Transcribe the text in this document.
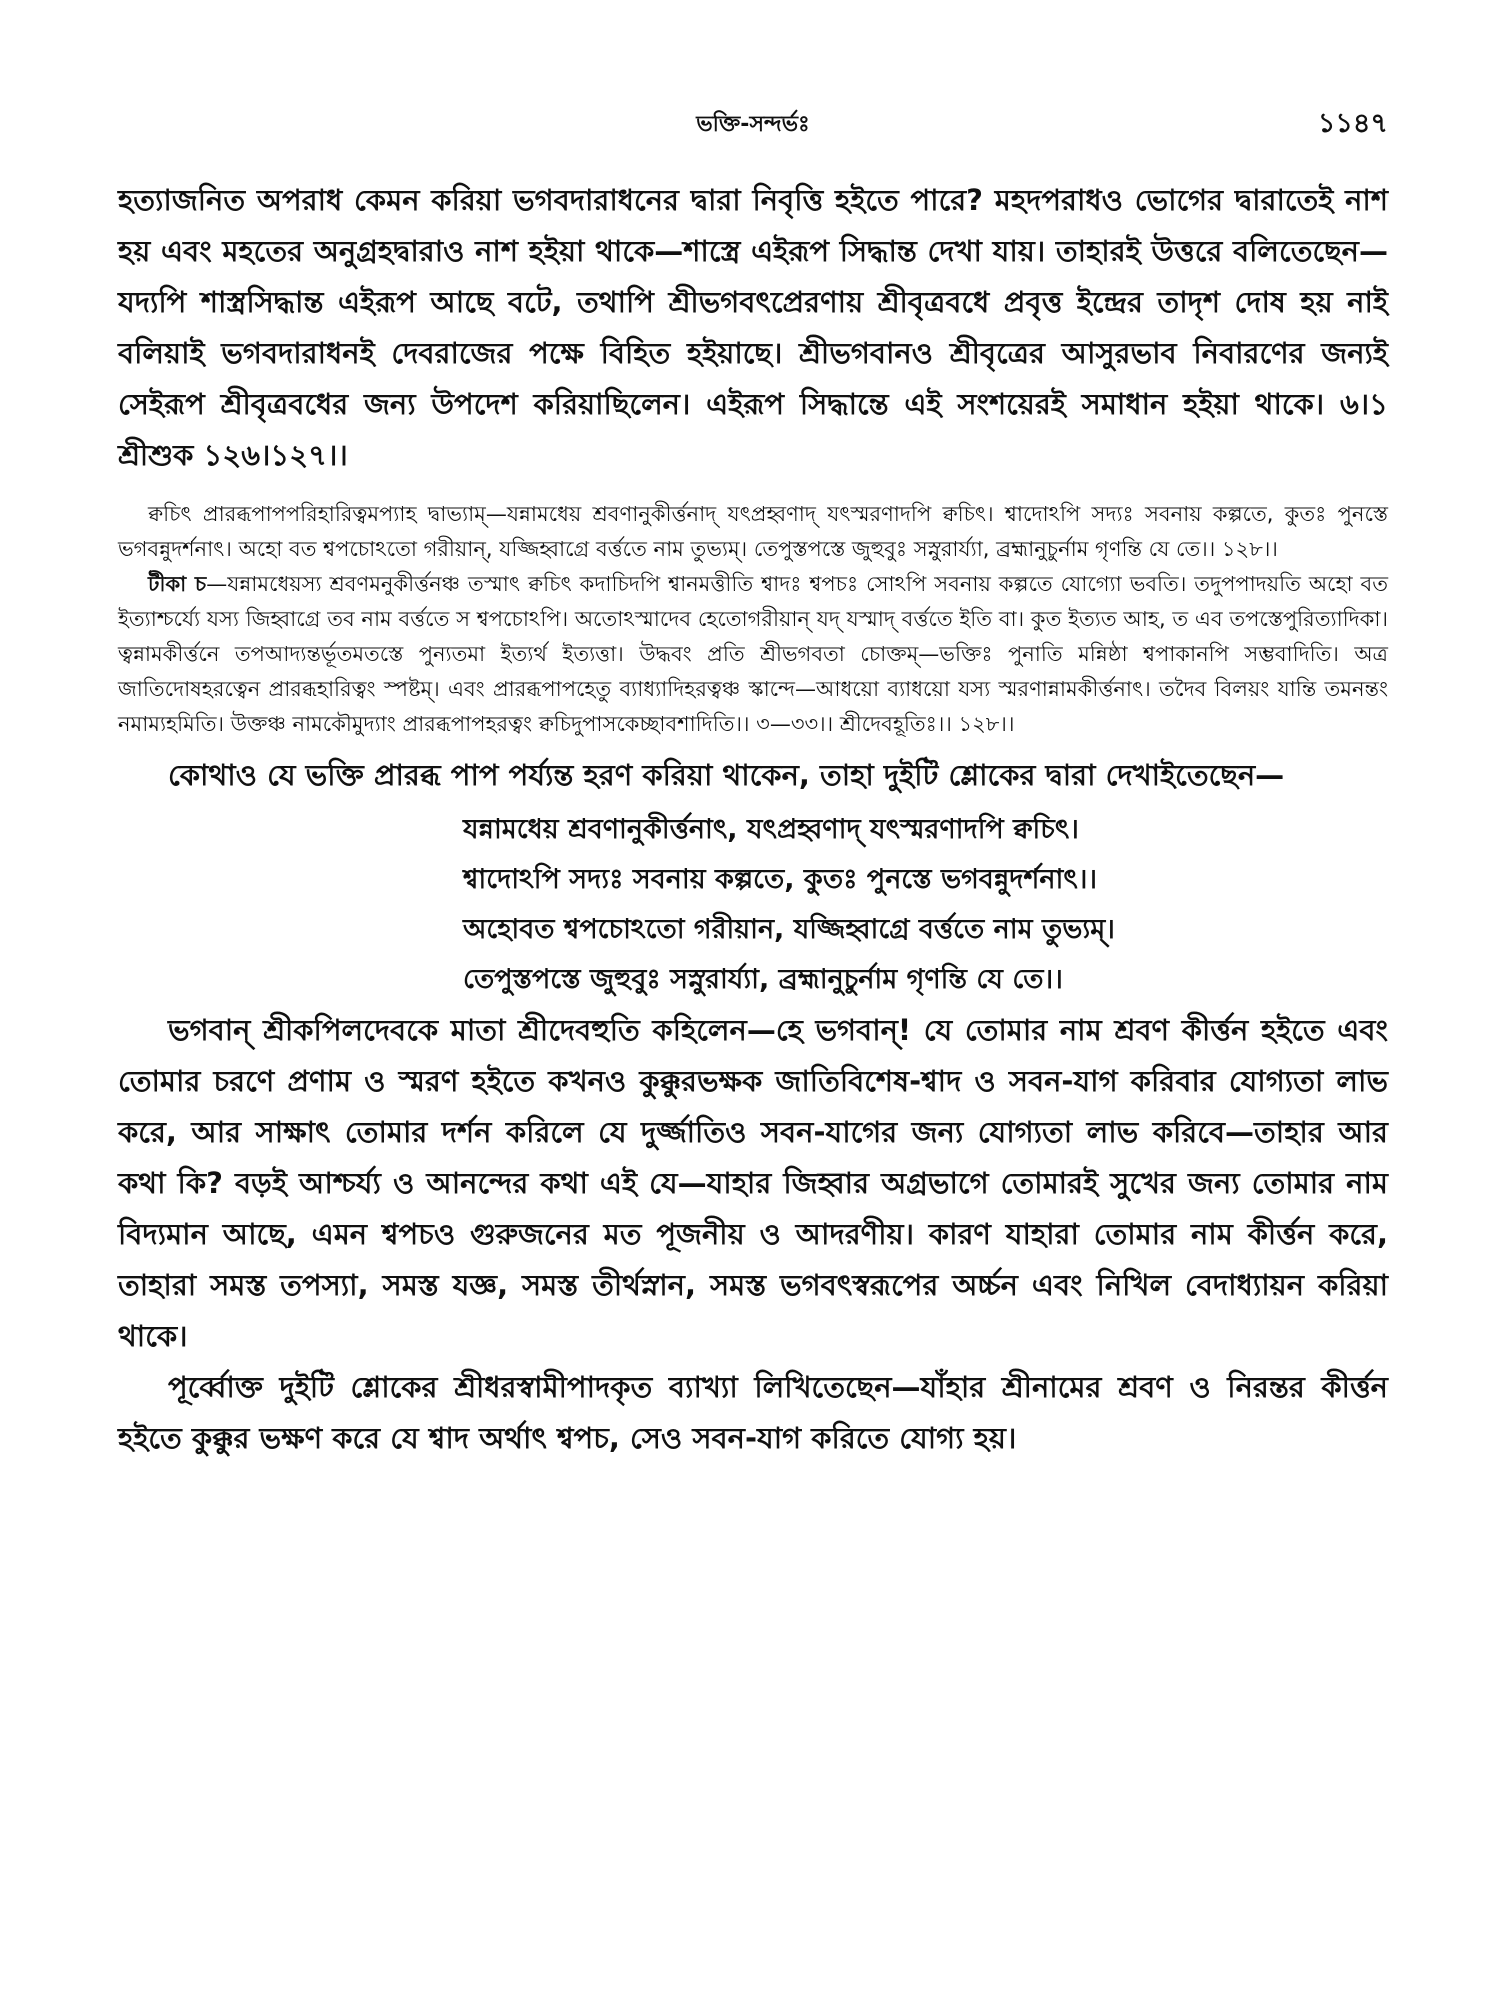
ভক্তি-সন্দর্ভঃ	১১৪৭

হত্যাজনিত অপরাধ কেমন করিয়া ভগবদারাধনের দ্বারা নিবৃত্তি হইতে পারে? মহদপরাধও ভোগের দ্বারাতেই নাশ হয় এবং মহতের অনুগ্রহদ্বারাও নাশ হইয়া থাকে—শাস্ত্রে এইরূপ সিদ্ধান্ত দেখা যায়। তাহারই উত্তরে বলিতেছেন—যদ্যপি শাস্ত্রসিদ্ধান্ত এইরূপ আছে বটে, তথাপি শ্রীভগবৎপ্রেরণায় শ্রীবৃত্রবধে প্রবৃত্ত ইন্দ্রের তাদৃশ দোষ হয় নাই বলিয়াই ভগবদারাধনই দেবরাজের পক্ষে বিহিত হইয়াছে। শ্রীভগবানও শ্রীবৃত্রের আসুরভাব নিবারণের জন্যই সেইরূপ শ্রীবৃত্রবধের জন্য উপদেশ করিয়াছিলেন। এইরূপ সিদ্ধান্তে এই সংশয়েরই সমাধান হইয়া থাকে। ৬।১ শ্রীশুক ১২৬।১২৭।।

ক্বচিৎ প্রারব্ধপাপপরিহারিত্বমপ্যাহ দ্বাভ্যাম্—যন্নামধেয় শ্রবণানুকীর্ত্তনাদ্ যৎপ্রহ্বণাদ্ যৎস্মরণাদপি ক্বচিৎ। শ্বাদোঽপি সদ্যঃ সবনায় কল্পতে, কুতঃ পুনস্তে ভগবন্নুদর্শনাৎ। অহো বত শ্বপচোঽতো গরীয়ান্, যজ্জিহ্বাগ্রে বর্ত্ততে নাম তুভ্যম্। তেপুস্তপস্তে জুহুবুঃ সস্নুরার্য্যা, ব্রহ্মানুচুর্নাম গৃণন্তি যে তে।। ১২৮।।

টীকা চ—যন্নামধেয়স্য শ্রবণমনুকীর্ত্তনঞ্চ তস্মাৎ ক্বচিৎ কদাচিদপি শ্বানমত্তীতি শ্বাদঃ শ্বপচঃ সোঽপি সবনায় কল্পতে যোগ্যো ভবতি। তদুপপাদয়তি অহো বত ইত্যাশ্চর্য্যে যস্য জিহ্বাগ্রে তব নাম বর্ত্ততে স শ্বপচোঽপি। অতোঽস্মাদেব হেতোগরীয়ান্ যদ্ যস্মাদ্ বর্ত্ততে ইতি বা। কুত ইত্যত আহ, ত এব তপস্তেপুরিত্যাদিকা। ত্বন্নামকীর্ত্তনে তপআদ্যন্তর্ভূতমতস্তে পুন্যতমা ইত্যর্থ ইত্যত্তা। উদ্ধবং প্রতি শ্রীভগবতা চোক্তম্—ভক্তিঃ পুনাতি মন্নিষ্ঠা শ্বপাকানপি সম্ভবাদিতি। অত্র জাতিদোষহরত্বেন প্রারব্ধহারিত্বং স্পষ্টম্। এবং প্রারব্ধপাপহেতু ব্যাধ্যাদিহরত্বঞ্চ স্কান্দে—আধয়ো ব্যাধয়ো যস্য স্মরণান্নামকীর্ত্তনাৎ। তদৈব বিলয়ং যান্তি তমনন্তং নমাম্যহমিতি। উক্তঞ্চ নামকৌমুদ্যাং প্রারব্ধপাপহরত্বং ক্বচিদুপাসকেচ্ছাবশাদিতি।। ৩—৩৩।। শ্রীদেবহূতিঃ।। ১২৮।।

কোথাও যে ভক্তি প্রারব্ধ পাপ পর্য্যন্ত হরণ করিয়া থাকেন, তাহা দুইটি শ্লোকের দ্বারা দেখাইতেছেন—

যন্নামধেয় শ্রবণানুকীর্ত্তনাৎ, যৎপ্রহ্বণাদ্ যৎস্মরণাদপি ক্বচিৎ।
শ্বাদোঽপি সদ্যঃ সবনায় কল্পতে, কুতঃ পুনস্তে ভগবন্নুদর্শনাৎ।।
অহোবত শ্বপচোঽতো গরীয়ান, যজ্জিহ্বাগ্রে বর্ত্ততে নাম তুভ্যম্।
তেপুস্তপস্তে জুহুবুঃ সস্নুরার্য্যা, ব্রহ্মানুচুর্নাম গৃণন্তি যে তে।।

ভগবান্ শ্রীকপিলদেবকে মাতা শ্রীদেবহুতি কহিলেন—হে ভগবান্! যে তোমার নাম শ্রবণ কীর্ত্তন হইতে এবং তোমার চরণে প্রণাম ও স্মরণ হইতে কখনও কুক্কুরভক্ষক জাতিবিশেষ-শ্বাদ ও সবন-যাগ করিবার যোগ্যতা লাভ করে, আর সাক্ষাৎ তোমার দর্শন করিলে যে দুর্জ্জাতিও সবন-যাগের জন্য যোগ্যতা লাভ করিবে—তাহার আর কথা কি? বড়ই আশ্চর্য্য ও আনন্দের কথা এই যে—যাহার জিহ্বার অগ্রভাগে তোমারই সুখের জন্য তোমার নাম বিদ্যমান আছে, এমন শ্বপচও গুরুজনের মত পূজনীয় ও আদরণীয়। কারণ যাহারা তোমার নাম কীর্ত্তন করে, তাহারা সমস্ত তপস্যা, সমস্ত যজ্ঞ, সমস্ত তীর্থস্নান, সমস্ত ভগবৎস্বরূপের অর্চ্চন এবং নিখিল বেদাধ্যায়ন করিয়া থাকে।

পূর্ব্বোক্ত দুইটি শ্লোকের শ্রীধরস্বামীপাদকৃত ব্যাখ্যা লিখিতেছেন—যাঁহার শ্রীনামের শ্রবণ ও নিরন্তর কীর্ত্তন হইতে কুক্কুর ভক্ষণ করে যে শ্বাদ অর্থাৎ শ্বপচ, সেও সবন-যাগ করিতে যোগ্য হয়।
